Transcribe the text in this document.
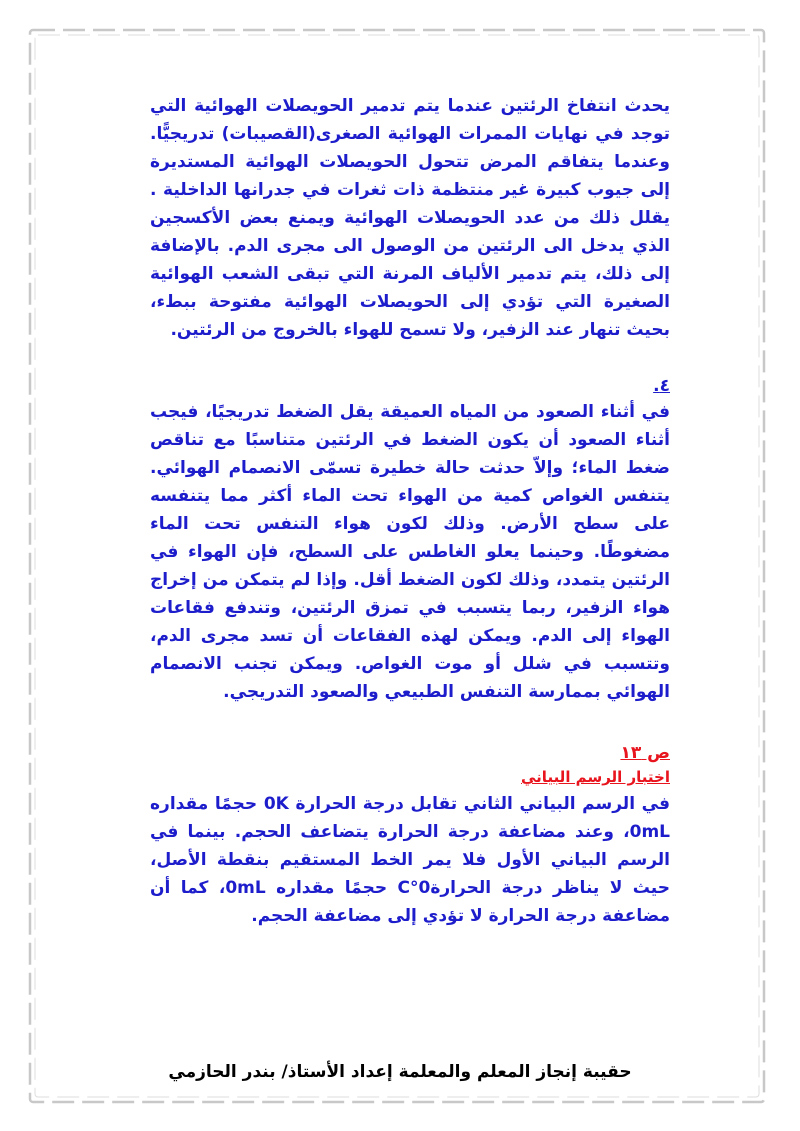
يحدث انتفاخ الرئتين عندما يتم تدمير الحويصلات الهوائية التي توجد في نهايات الممرات الهوائية الصغرى(القصيبات) تدريجيًّا. وعندما يتفاقم المرض تتحول الحويصلات الهوائية المستديرة إلى جيوب كبيرة غير منتظمة ذات ثغرات في جدرانها الداخلية . يقلل ذلك من عدد الحويصلات الهوائية ويمنع بعض الأكسجين الذي يدخل الى الرئتين من الوصول الى مجرى الدم. بالإضافة إلى ذلك، يتم تدمير الألياف المرنة التي تبقى الشعب الهوائية الصغيرة التي تؤدي إلى الحويصلات الهوائية مفتوحة ببطء، بحيث تنهار عند الزفير، ولا تسمح للهواء بالخروج من الرئتين.

٤.

في أثناء الصعود من المياه العميقة يقل الضغط تدريجيًا، فيجب أثناء الصعود أن يكون الضغط في الرئتين متناسبًا مع تناقص ضغط الماء؛ وإلاّ حدثت حالة خطيرة تسمّى الانصمام الهوائي. يتنفس الغواص كمية من الهواء تحت الماء أكثر مما يتنفسه على سطح الأرض. وذلك لكون هواء التنفس تحت الماء مضغوطًا. وحينما يعلو الغاطس على السطح، فإن الهواء في الرئتين يتمدد، وذلك لكون الضغط أقل. وإذا لم يتمكن من إخراج هواء الزفير، ربما يتسبب في تمزق الرئتين، وتندفع فقاعات الهواء إلى الدم. ويمكن لهذه الفقاعات أن تسد مجرى الدم، وتتسبب في شلل أو موت الغواص. ويمكن تجنب الانصمام الهوائي بممارسة التنفس الطبيعي والصعود التدريجي.

ص ١٣

اختبار الرسم البياني

في الرسم البياني الثاني تقابل درجة الحرارة 0K حجمًا مقداره 0mL، وعند مضاعفة درجة الحرارة يتضاعف الحجم. بينما في الرسم البياني الأول فلا يمر الخط المستقيم بنقطة الأصل، حيث لا يناظر درجة الحرارة0°C حجمًا مقداره 0mL، كما أن مضاعفة درجة الحرارة لا تؤدي إلى مضاعفة الحجم.

حقيبة إنجاز المعلم والمعلمة إعداد الأستاذ/ بندر الحازمي
